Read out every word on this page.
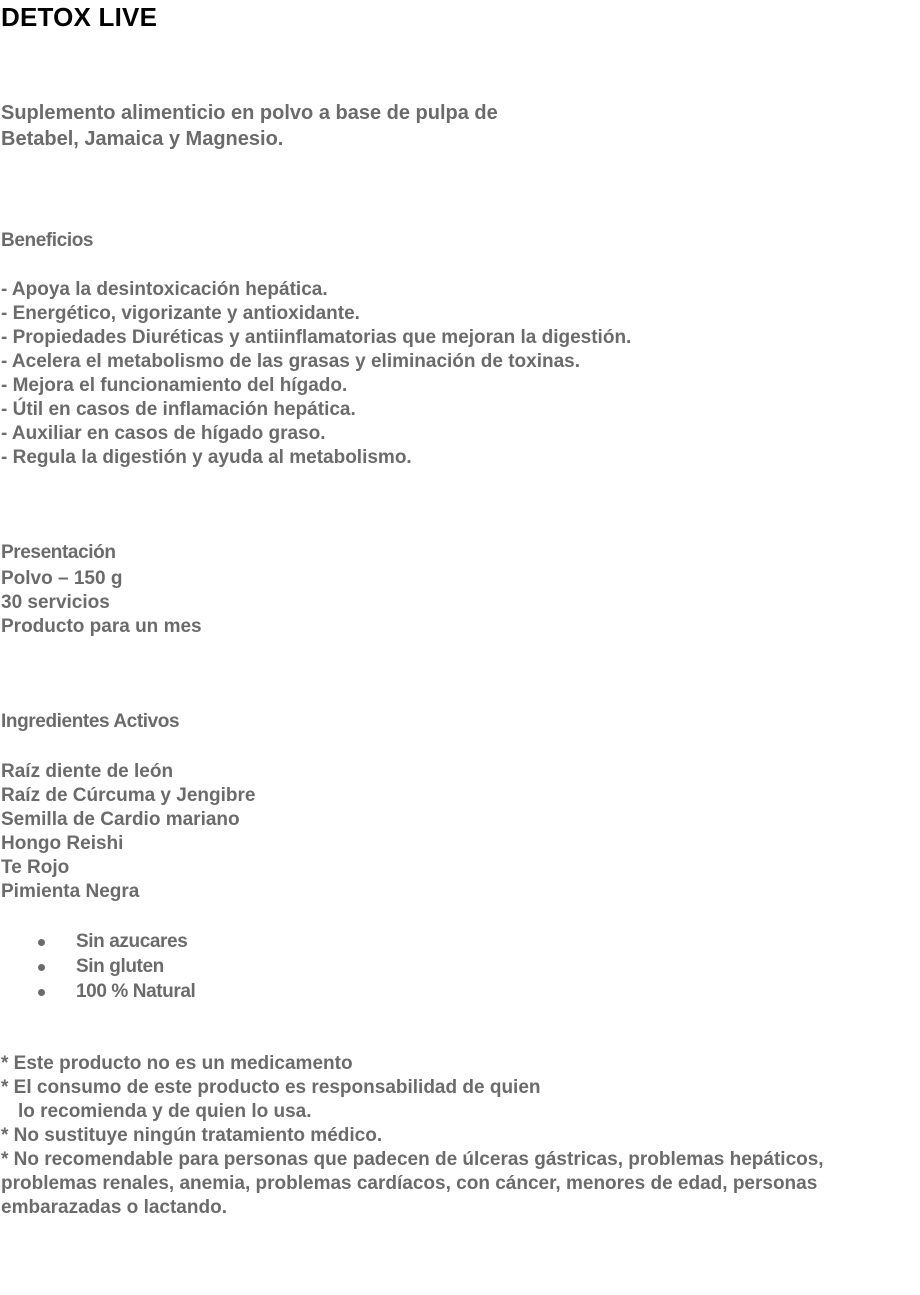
DETOX LIVE

Suplemento alimenticio en polvo a base de pulpa de
Betabel, Jamaica y Magnesio.

Beneficios
- Apoya la desintoxicación hepática.
- Energético, vigorizante y antioxidante.
- Propiedades Diuréticas y antiinflamatorias que mejoran la digestión.
- Acelera el metabolismo de las grasas y eliminación de toxinas.
- Mejora el funcionamiento del hígado.
- Útil en casos de inflamación hepática.
- Auxiliar en casos de hígado graso.
- Regula la digestión y ayuda al metabolismo.
Presentación
Polvo – 150 g
30 servicios
Producto para un mes
Ingredientes Activos
Raíz diente de león
Raíz de Cúrcuma y Jengibre
Semilla de Cardio mariano
Hongo Reishi
Te Rojo
Pimienta Negra
Sin azucares
Sin gluten
100 % Natural
* Este producto no es un medicamento
* El consumo de este producto es responsabilidad de quien
lo recomienda y de quien lo usa.
* No sustituye ningún tratamiento médico.
* No recomendable para personas que padecen de úlceras gástricas, problemas hepáticos, problemas renales, anemia, problemas cardíacos, con cáncer, menores de edad, personas embarazadas o lactando.
